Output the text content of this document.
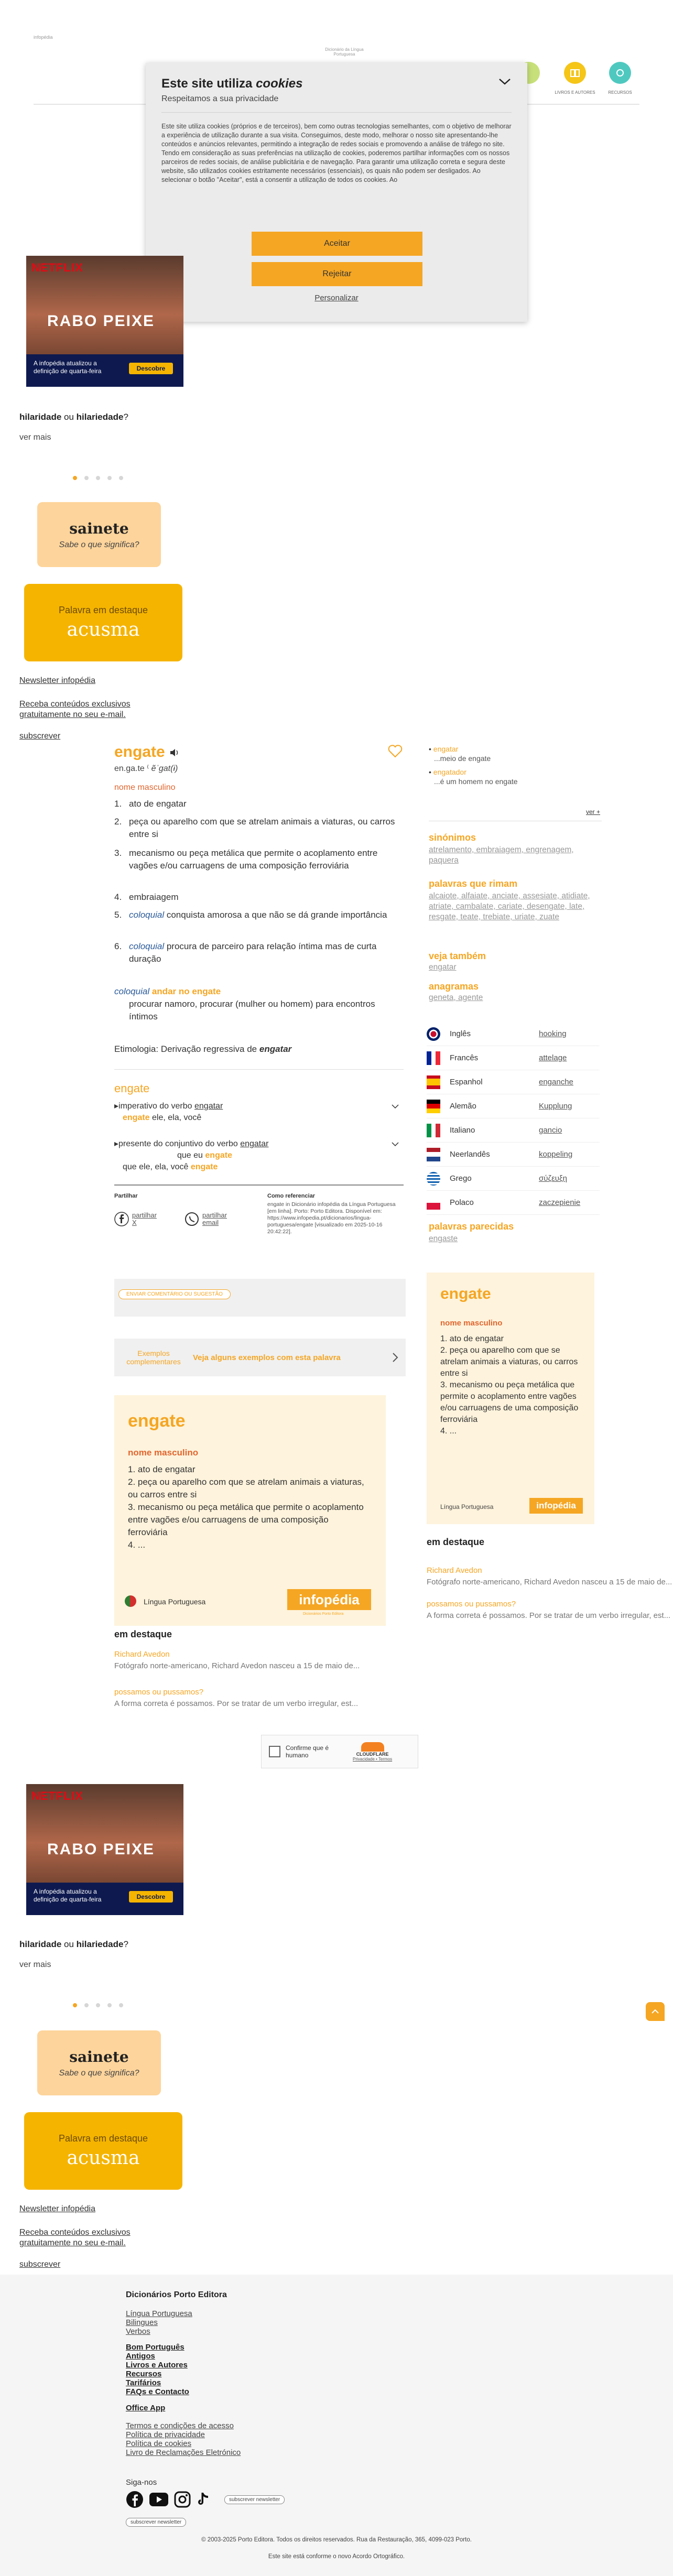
infopédia
Dicionário da Língua Portuguesa
LIVROS E AUTORES	RECURSOS
Este site utiliza cookies
Respeitamos a sua privacidade
Este site utiliza cookies (próprios e de terceiros), bem como outras tecnologias semelhantes, com o objetivo de melhorar a experiência de utilização durante a sua visita. Conseguimos, deste modo, melhorar o nosso site apresentando-lhe conteúdos e anúncios relevantes, permitindo a integração de redes sociais e promovendo a análise de tráfego no site. Tendo em consideração as suas preferências na utilização de cookies, poderemos partilhar informações com os nossos parceiros de redes sociais, de análise publicitária e de navegação. Para garantir uma utilização correta e segura deste website, são utilizados cookies estritamente necessários (essenciais), os quais não podem ser desligados. Ao selecionar o botão "Aceitar", está a consentir a utilização de todos os cookies. Ao
Aceitar
Rejeitar
Personalizar
NETFLIX
RABO PEIXE
A infopédia atualizou a definição de quarta-feira	Descobre
hilaridade ou hilariedade?
ver mais
sainete
Sabe o que significa?
Palavra em destaque
acusma
Newsletter infopédia
Receba conteúdos exclusivos gratuitamente no seu e-mail.
subscrever
engate
en.ga.te ⁽ ẽˈgat(ɨ)
nome masculino
1. ato de engatar
2. peça ou aparelho com que se atrelam animais a viaturas, ou carros entre si
3. mecanismo ou peça metálica que permite o acoplamento entre vagões e/ou carruagens de uma composição ferroviária
4. embraiagem
5. coloquial conquista amorosa a que não se dá grande importância
6. coloquial procura de parceiro para relação íntima mas de curta duração
coloquial andar no engate
procurar namoro, procurar (mulher ou homem) para encontros íntimos
Etimologia: Derivação regressiva de engatar
engate
▸imperativo do verbo engatar
engate ele, ela, você
▸presente do conjuntivo do verbo engatar
que eu engate
que ele, ela, você engate
Partilhar
partilhar X
partilhar email
Como referenciar
engate in Dicionário infopédia da Língua Portuguesa [em linha]. Porto: Porto Editora. Disponível em: https://www.infopedia.pt/dicionarios/lingua-portuguesa/engate [visualizado em 2025-10-16 20:42:22].
ENVIAR COMENTÁRIO OU SUGESTÃO
Exemplos complementares	Veja alguns exemplos com esta palavra
engate
nome masculino
1. ato de engatar
2. peça ou aparelho com que se atrelam animais a viaturas, ou carros entre si
3. mecanismo ou peça metálica que permite o acoplamento entre vagões e/ou carruagens de uma composição ferroviária
4. ...
Língua Portuguesa	infopédia
Dicionários Porto Editora
em destaque
Richard Avedon
Fotógrafo norte-americano, Richard Avedon nasceu a 15 de maio de...
possamos ou pussamos?
A forma correta é possamos. Por se tratar de um verbo irregular, est...
Confirme que é humano	CLOUDFLARE
Privacidade • Termos
• engatar
...meio de engate
• engatador
...é um homem no engate
ver +
sinónimos
atrelamento, embraiagem, engrenagem, paquera
palavras que rimam
alcaiote, alfaiate, anciate, assesiate, atidiate, atriate, cambalate, cariate, desengate, late, resgate, teate, trebiate, uriate, zuate
veja também
engatar
anagramas
geneta, agente
Inglês	hooking
Francês	attelage
Espanhol	enganche
Alemão	Kupplung
Italiano	gancio
Neerlandês	koppeling
Grego	σύζευξη
Polaco	zaczepienie
palavras parecidas
engaste
engate
nome masculino
1. ato de engatar
2. peça ou aparelho com que se atrelam animais a viaturas, ou carros entre si
3. mecanismo ou peça metálica que permite o acoplamento entre vagões e/ou carruagens de uma composição ferroviária
4. ...
Língua Portuguesa	infopédia
em destaque
Richard Avedon
Fotógrafo norte-americano, Richard Avedon nasceu a 15 de maio de...
possamos ou pussamos?
A forma correta é possamos. Por se tratar de um verbo irregular, est...
NETFLIX
RABO PEIXE
A infopédia atualizou a definição de quarta-feira	Descobre
hilaridade ou hilariedade?
ver mais
sainete
Sabe o que significa?
Palavra em destaque
acusma
Newsletter infopédia
Receba conteúdos exclusivos gratuitamente no seu e-mail.
subscrever
Dicionários Porto Editora
Língua Portuguesa
Bilingues
Verbos
Bom Português
Antigos
Livros e Autores
Recursos
Tarifários
FAQs e Contacto
Office App
Termos e condições de acesso
Política de privacidade
Política de cookies
Livro de Reclamações Eletrónico
Siga-nos
subscrever newsletter
subscrever newsletter
© 2003-2025 Porto Editora. Todos os direitos reservados. Rua da Restauração, 365, 4099-023 Porto.
Este site está conforme o novo Acordo Ortográfico.
